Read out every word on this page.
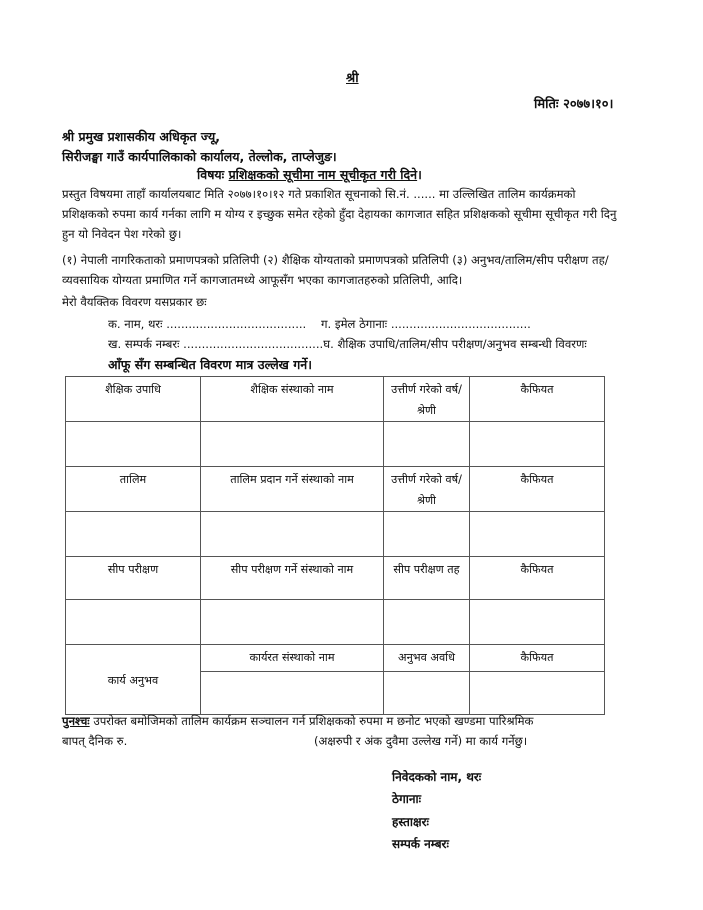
श्री
मितिः २०७७।१०।
श्री प्रमुख प्रशासकीय अधिकृत ज्यू,
सिरीजङ्घा गाउँ कार्यपालिकाको कार्यालय, तेल्लोक, ताप्लेजुङ।
विषयः प्रशिक्षकको सूचीमा नाम सूचीकृत गरी दिने।
प्रस्तुत विषयमा ताहाँ कार्यालयबाट मिति २०७७।१०।१२ गते प्रकाशित सूचनाको सि.नं. ...... मा उल्लिखित तालिम कार्यक्रमको प्रशिक्षकको रुपमा कार्य गर्नका लागि म योग्य र इच्छुक समेत रहेको हुँदा देहायका कागजात सहित प्रशिक्षकको सूचीमा सूचीकृत गरी दिनु हुन यो निवेदन पेश गरेको छु।
(१) नेपाली नागरिकताको प्रमाणपत्रको प्रतिलिपी (२) शैक्षिक योग्यताको प्रमाणपत्रको प्रतिलिपी (३) अनुभव/तालिम/सीप परीक्षण तह/व्यवसायिक योग्यता प्रमाणित गर्ने कागजातमध्ये आफूसँग भएका कागजातहरुको प्रतिलिपी, आदि।
मेरो वैयक्तिक विवरण यसप्रकार छः
क. नाम, थरः ...................................... ग. इमेल ठेगानाः ......................................
ख. सम्पर्क नम्बरः ......................................घ. शैक्षिक उपाधि/तालिम/सीप परीक्षण/अनुभव सम्बन्धी विवरणः
आँफू सँग सम्बन्धित विवरण मात्र उल्लेख गर्ने।
शैक्षिक उपाधि	शैक्षिक संस्थाको नाम	उत्तीर्ण गरेको वर्ष/श्रेणी	कैफियत

तालिम	तालिम प्रदान गर्ने संस्थाको नाम	उत्तीर्ण गरेको वर्ष/श्रेणी	कैफियत

सीप परीक्षण	सीप परीक्षण गर्ने संस्थाको नाम	सीप परीक्षण तह	कैफियत

कार्य अनुभव	कार्यरत संस्थाको नाम	अनुभव अवधि	कैफियत

पुनश्चः उपरोक्त बमोजिमको तालिम कार्यक्रम सञ्चालन गर्न प्रशिक्षकको रुपमा म छनोट भएको खण्डमा पारिश्रमिक
बापत् दैनिक रु.	(अक्षरुपी र अंक दुवैमा उल्लेख गर्ने) मा कार्य गर्नेछु।
निवेदकको नाम, थरः
ठेगानाः
हस्ताक्षरः
सम्पर्क नम्बरः
